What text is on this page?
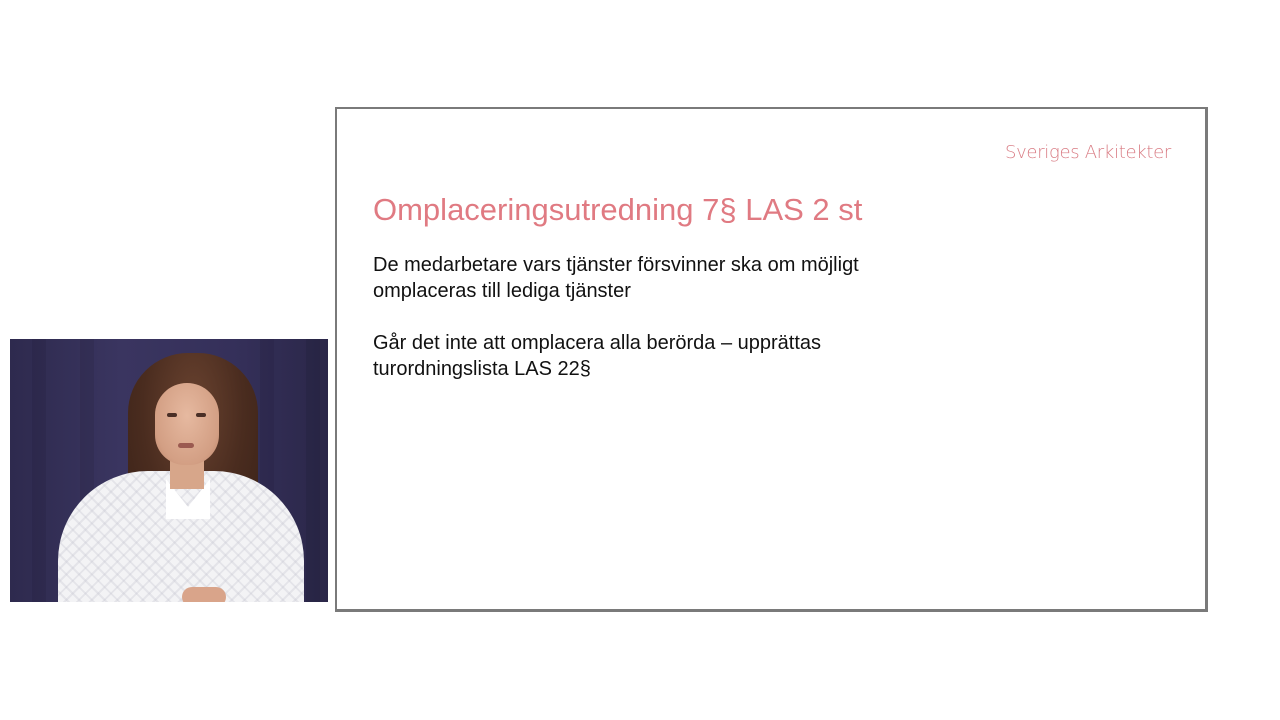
Sveriges Arkitekter
Omplaceringsutredning 7§ LAS 2 st

De medarbetare vars tjänster försvinner ska om möjligt
omplaceras till lediga tjänster

Går det inte att omplacera alla berörda – upprättas
turordningslista LAS 22§
